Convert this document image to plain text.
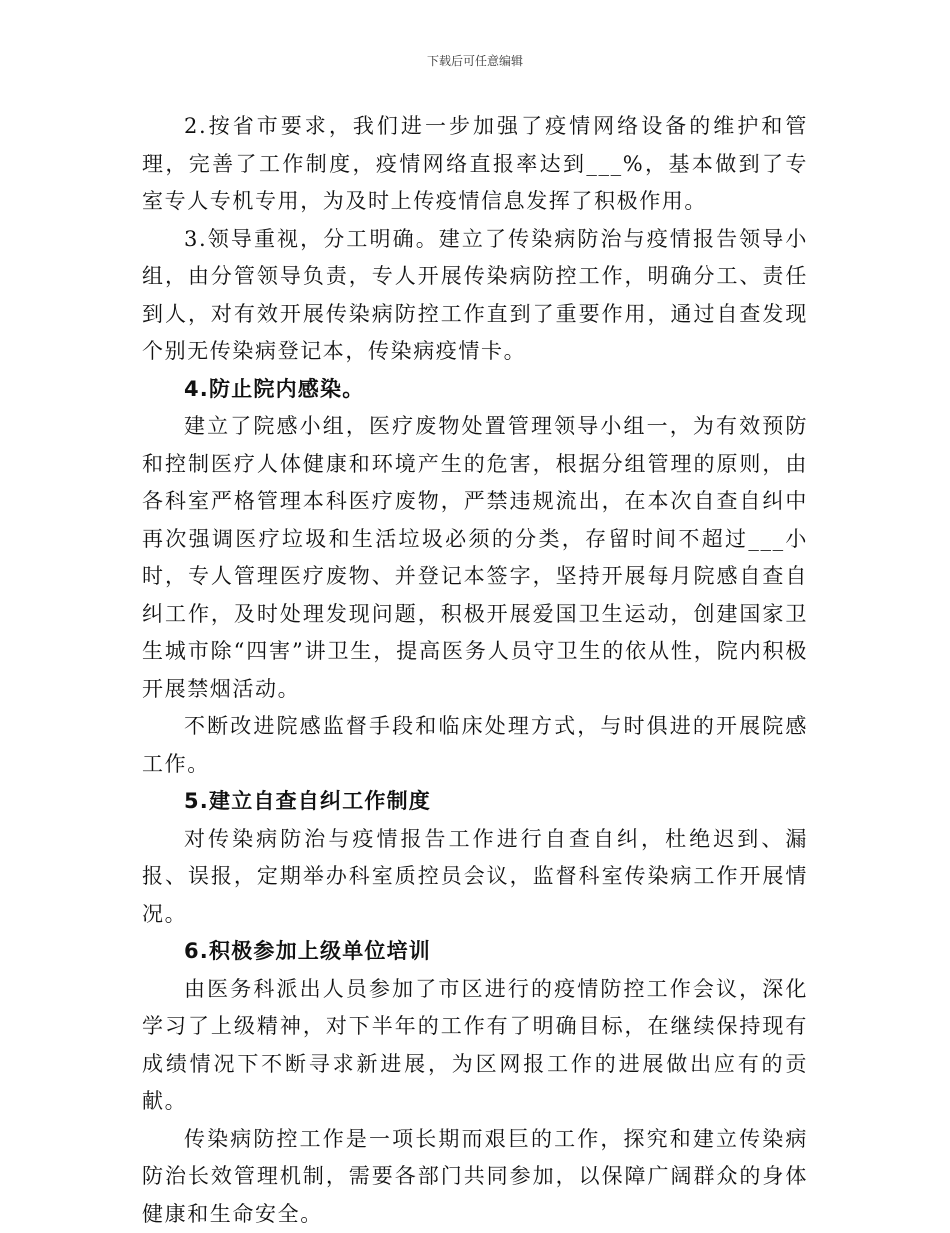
下载后可任意编辑

2.按省市要求，我们进一步加强了疫情网络设备的维护和管理，完善了工作制度，疫情网络直报率达到___%，基本做到了专室专人专机专用，为及时上传疫情信息发挥了积极作用。

3.领导重视，分工明确。建立了传染病防治与疫情报告领导小组，由分管领导负责，专人开展传染病防控工作，明确分工、责任到人，对有效开展传染病防控工作直到了重要作用，通过自查发现个别无传染病登记本，传染病疫情卡。

4.防止院内感染。

建立了院感小组，医疗废物处置管理领导小组一，为有效预防和控制医疗人体健康和环境产生的危害，根据分组管理的原则，由各科室严格管理本科医疗废物，严禁违规流出，在本次自查自纠中再次强调医疗垃圾和生活垃圾必须的分类，存留时间不超过___小时，专人管理医疗废物、并登记本签字，坚持开展每月院感自查自纠工作，及时处理发现问题，积极开展爱国卫生运动，创建国家卫生城市除“四害”讲卫生，提高医务人员守卫生的依从性，院内积极开展禁烟活动。

不断改进院感监督手段和临床处理方式，与时俱进的开展院感工作。

5.建立自查自纠工作制度

对传染病防治与疫情报告工作进行自查自纠，杜绝迟到、漏报、误报，定期举办科室质控员会议，监督科室传染病工作开展情况。

6.积极参加上级单位培训

由医务科派出人员参加了市区进行的疫情防控工作会议，深化学习了上级精神，对下半年的工作有了明确目标，在继续保持现有成绩情况下不断寻求新进展，为区网报工作的进展做出应有的贡献。

传染病防控工作是一项长期而艰巨的工作，探究和建立传染病防治长效管理机制，需要各部门共同参加，以保障广阔群众的身体健康和生命安全。
